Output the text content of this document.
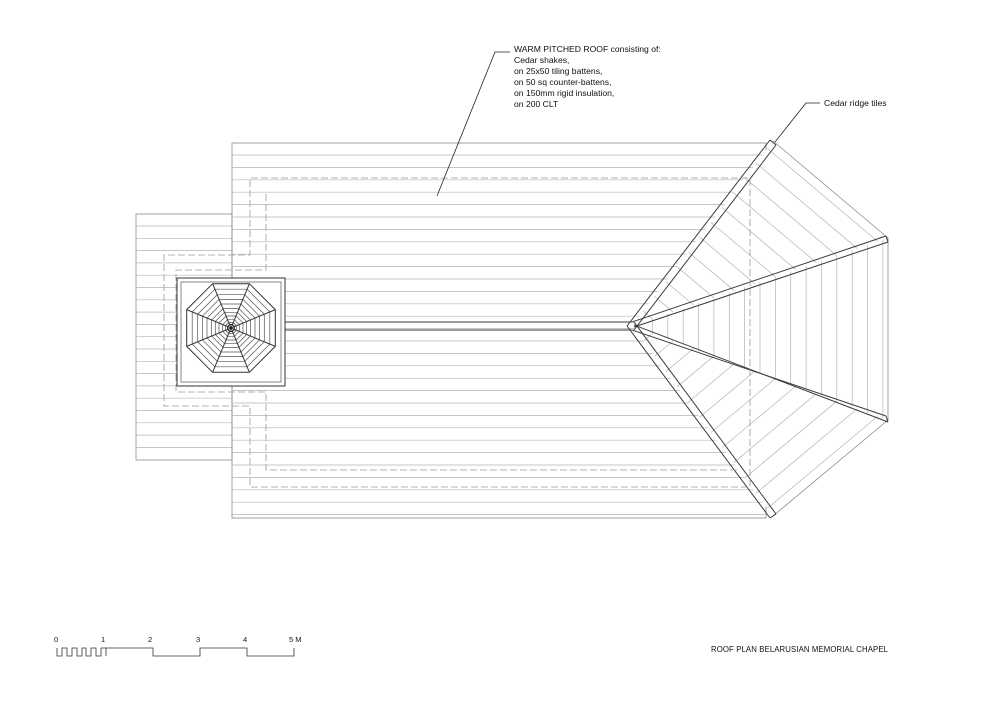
WARM PITCHED ROOF consisting of:
Cedar shakes,
on 25x50 tiling battens,
on 50 sq counter-battens,
on 150mm rigid insulation,
on 200 CLT	Cedar ridge tiles
0	1	2	3	4	5 M
ROOF PLAN BELARUSIAN MEMORIAL CHAPEL
